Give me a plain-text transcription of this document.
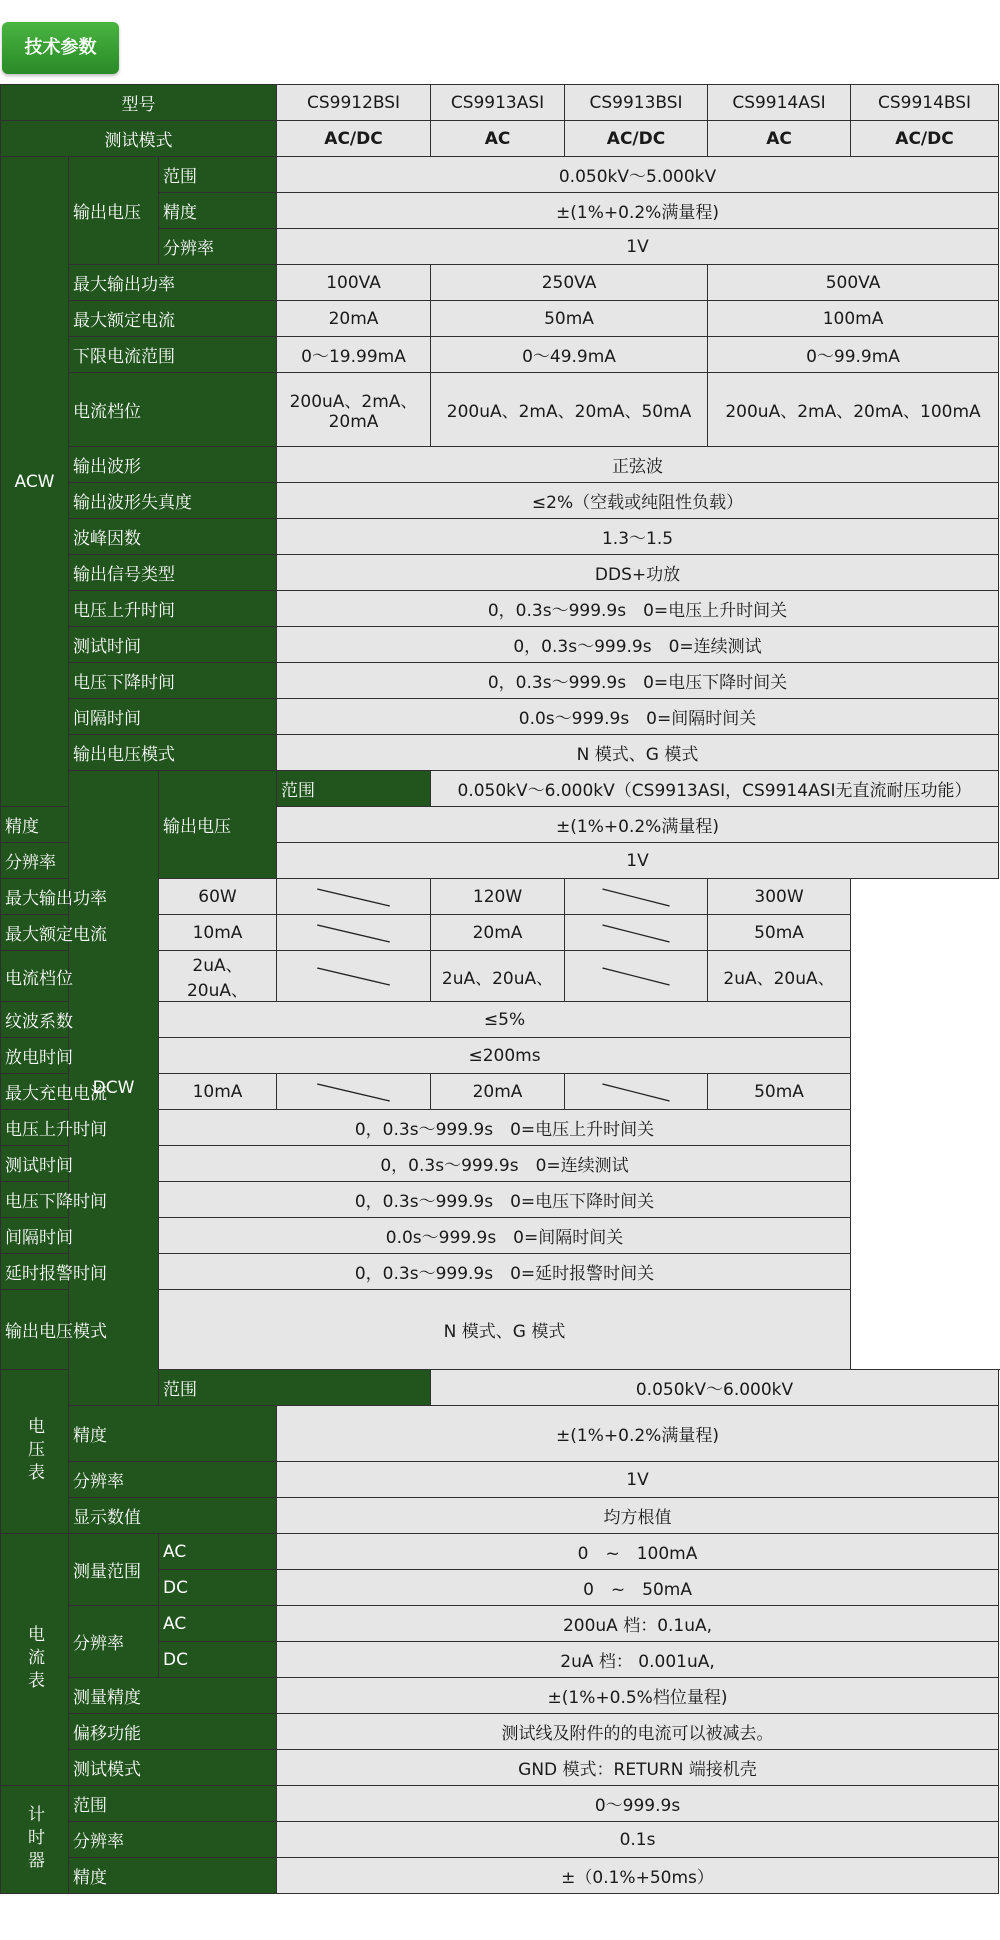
技术参数
型号			CS9912BSI	CS9913ASI	CS9913BSI	CS9914ASI	CS9914BSI
测试模式			AC/DC	AC	AC/DC	AC	AC/DC
ACW	输出电压	范围	0.050kV～5.000kV				
		精度	±(1%+0.2%满量程)				
		分辨率	1V				
	最大输出功率		100VA	250VA		500VA	
	最大额定电流		20mA	50mA		100mA	
	下限电流范围		0～19.99mA	0～49.9mA		0～99.9mA	
	电流档位		200uA、2mA、20mA	200uA、2mA、20mA、50mA		200uA、2mA、20mA、100mA	
	输出波形		正弦波				
	输出波形失真度		≤2%（空载或纯阻性负载）				
	波峰因数		1.3～1.5				
	输出信号类型		DDS+功放				
	电压上升时间		0，0.3s～999.9s　0=电压上升时间关				
	测试时间		0，0.3s～999.9s　0=连续测试				
	电压下降时间		0，0.3s～999.9s　0=电压下降时间关				
	间隔时间		0.0s～999.9s　0=间隔时间关				
	输出电压模式		N 模式、G 模式				
	DCW	输出电压	范围	0.050kV～6.000kV（CS9913ASI，CS9914ASI无直流耐压功能）			
精度			±(1%+0.2%满量程)				
分辨率			1V				
最大输出功率		60W		120W		300W	
最大额定电流		10mA		20mA		50mA	
电流档位		2uA、20uA、		2uA、20uA、		2uA、20uA、	
纹波系数		≤5%					
放电时间		≤200ms					
最大充电电流		10mA		20mA		50mA	
电压上升时间		0，0.3s～999.9s　0=电压上升时间关					
测试时间		0，0.3s～999.9s　0=连续测试					
电压下降时间		0，0.3s～999.9s　0=电压下降时间关					
间隔时间		0.0s～999.9s　0=间隔时间关					
延时报警时间		0，0.3s～999.9s　0=延时报警时间关					
输出电压模式		N 模式、G 模式					
电压表		范围		0.050kV～6.000kV			
	精度		±(1%+0.2%满量程)				
	分辨率		1V				
	显示数值		均方根值				
电流表	测量范围	AC	0　~　100mA				
		DC	0　~　50mA				
	分辨率	AC	200uA 档：0.1uA,				
		DC	2uA 档： 0.001uA,				
	测量精度		±(1%+0.5%档位量程)				
	偏移功能		测试线及附件的的电流可以被减去。				
	测试模式		GND 模式：RETURN 端接机壳				
计时器	范围		0～999.9s				
	分辨率		0.1s				
	精度		±（0.1%+50ms）				
